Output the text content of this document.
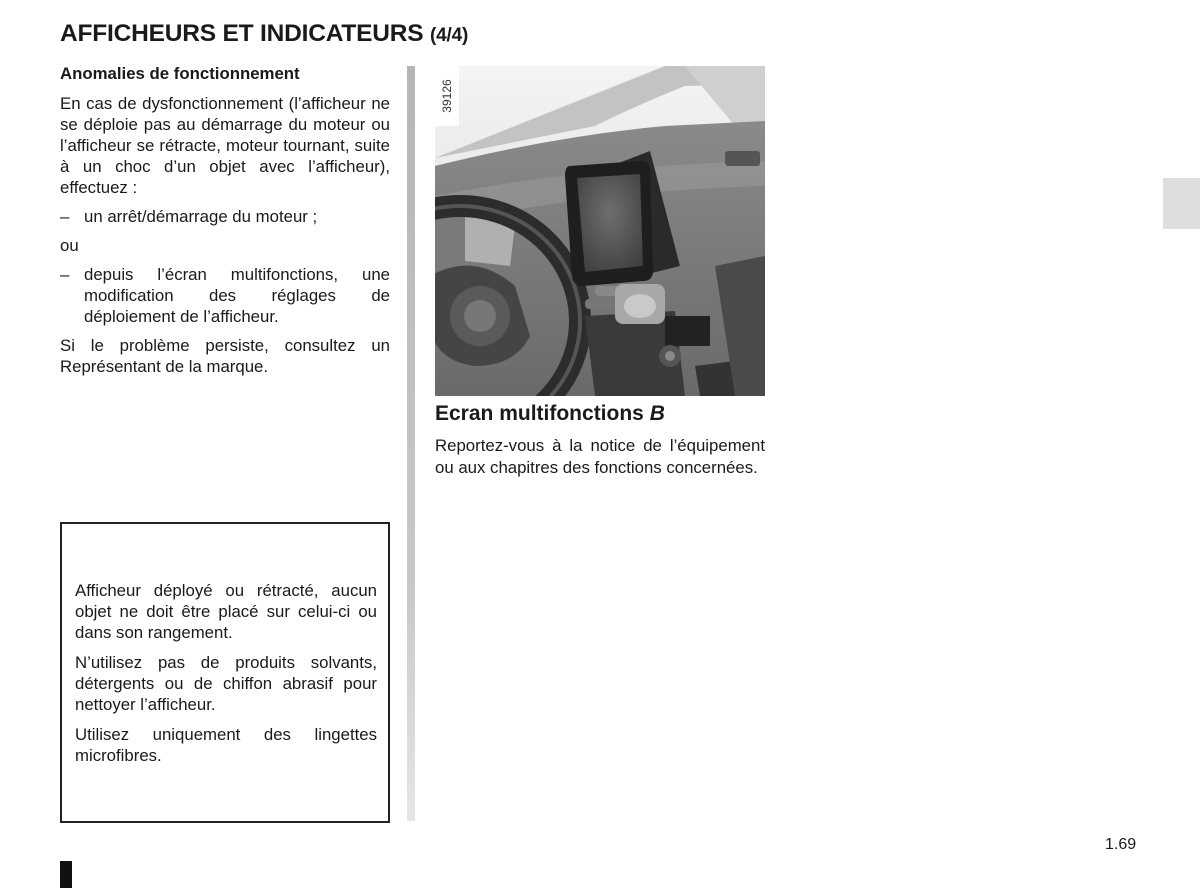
AFFICHEURS ET INDICATEURS (4/4)

Anomalies de fonctionnement

En cas de dysfonctionnement (l’afficheur ne se déploie pas au démarrage du moteur ou l’afficheur se rétracte, moteur tournant, suite à un choc d’un objet avec l’afficheur), effectuez :

– un arrêt/démarrage du moteur ;

ou

– depuis l’écran multifonctions, une modification des réglages de déploiement de l’afficheur.

Si le problème persiste, consultez un Représentant de la marque.

Afficheur déployé ou rétracté, aucun objet ne doit être placé sur celui-ci ou dans son rangement.

N’utilisez pas de produits solvants, détergents ou de chiffon abrasif pour nettoyer l’afficheur.

Utilisez uniquement des lingettes microfibres.

39126
Ecran multifonctions B

Reportez-vous à la notice de l’équipement ou aux chapitres des fonctions concernées.

1.69
